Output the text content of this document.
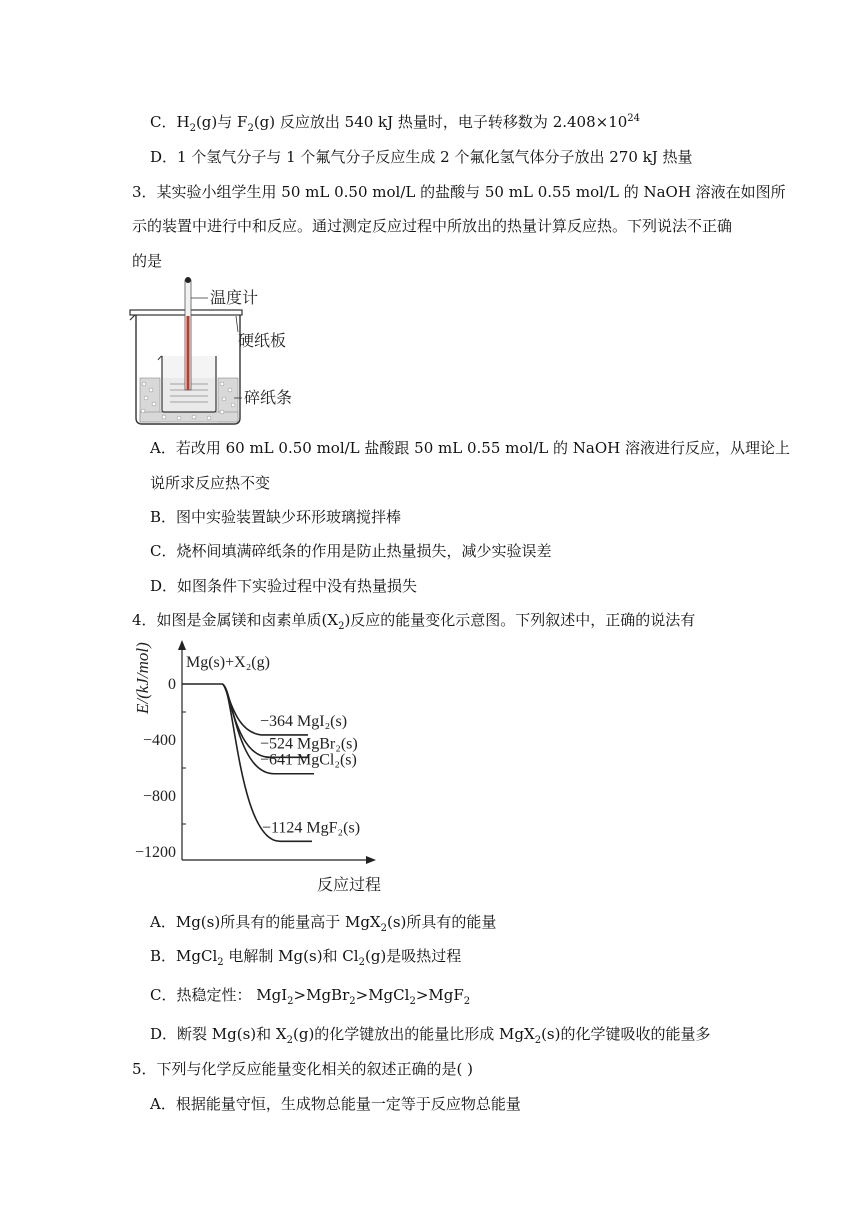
C．$H_2(g)$与 $F_2(g)$ 反应放出 540 kJ 热量时，电子转移数为 $2.408\times 10^{24}$
D．1 个氢气分子与 1 个氟气分子反应生成 2 个氟化氢气体分子放出 270 kJ 热量
3．某实验小组学生用 50 mL 0.50 mol/L 的盐酸与 50 mL 0.55 mol/L 的 NaOH 溶液在如图所
示的装置中进行中和反应。通过测定反应过程中所放出的热量计算反应热。下列说法不正确
的是
温度计
硬纸板
碎纸条
A．若改用 60 mL 0.50 mol/L 盐酸跟 50 mL 0.55 mol/L 的 NaOH 溶液进行反应，从理论上
说所求反应热不变
B．图中实验装置缺少环形玻璃搅拌棒
C．烧杯间填满碎纸条的作用是防止热量损失，减少实验误差
D．如图条件下实验过程中没有热量损失
4．如图是金属镁和卤素单质$(X_2)$反应的能量变化示意图。下列叙述中，正确的说法有
E/(kJ/mol)
反应过程
Mg(s)+X₂(g)
0
−400
−800
−1200
−364 MgI₂(s)
−524 MgBr₂(s)
−641 MgCl₂(s)
−1124 MgF₂(s)
A．Mg(s)所具有的能量高于 MgX$_2$(s)所具有的能量
B．MgCl$_2$ 电解制 Mg(s)和 $Cl_2(g)$是吸热过程
C．热稳定性： MgI$_2$>MgBr$_2$>MgCl$_2$>MgF$_2$
D．断裂 Mg(s)和 $X_2(g)$的化学键放出的能量比形成 MgX$_2$(s)的化学键吸收的能量多
5．下列与化学反应能量变化相关的叙述正确的是( )
A．根据能量守恒，生成物总能量一定等于反应物总能量
